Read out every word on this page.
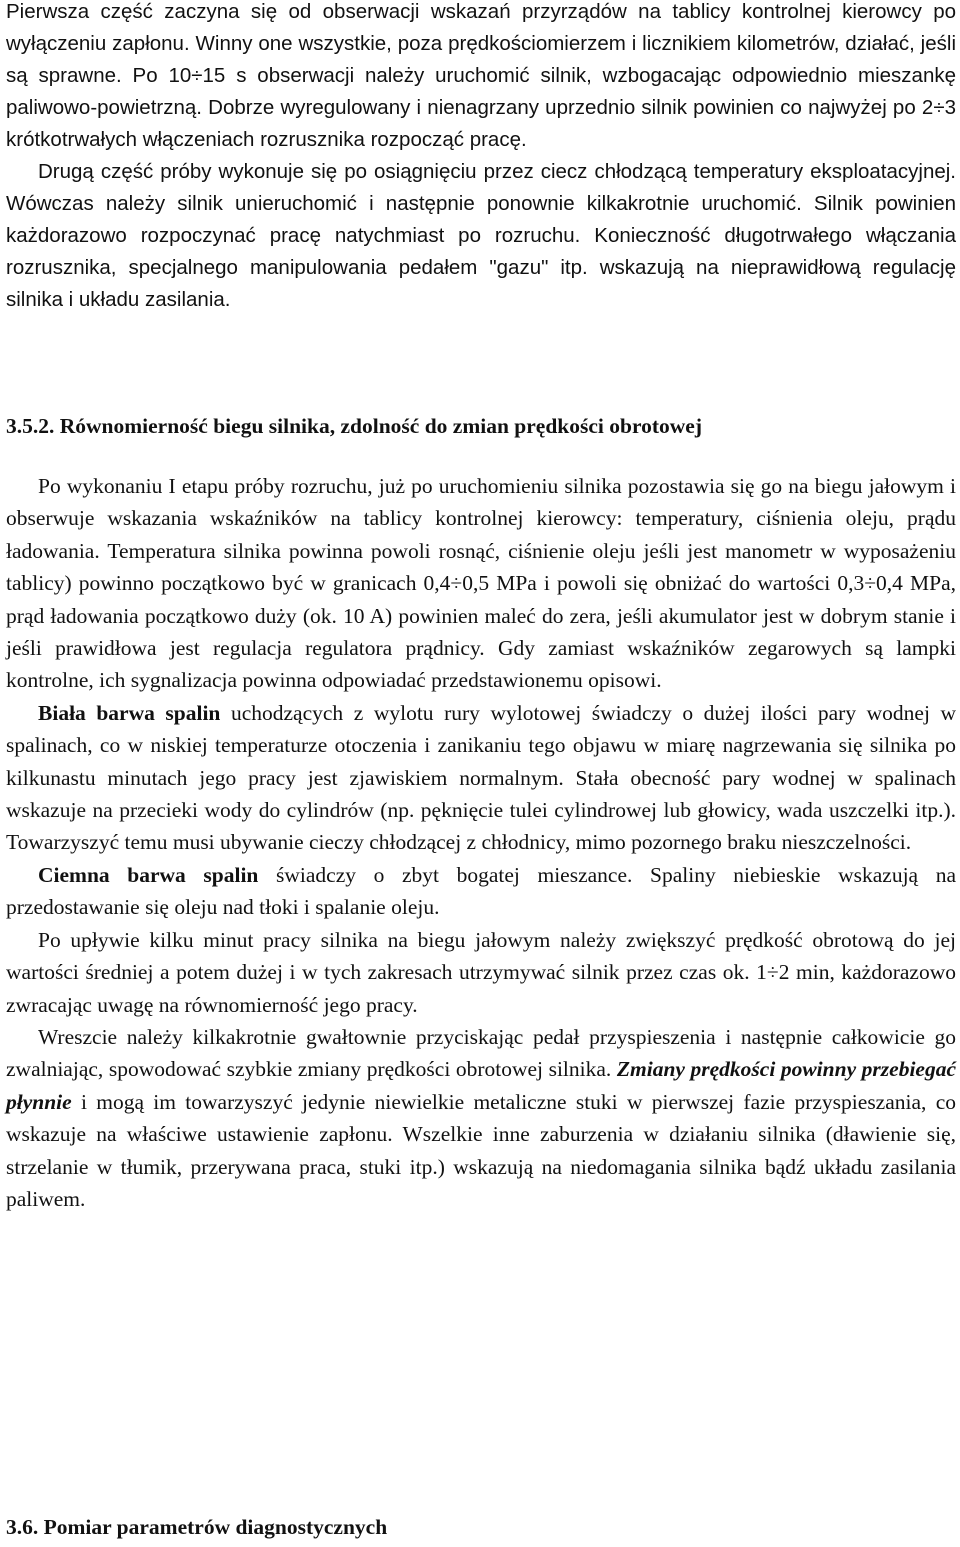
Pierwsza część zaczyna się od obserwacji wskazań przyrządów na tablicy kontrolnej kierowcy po wyłączeniu zapłonu. Winny one wszystkie, poza prędkościomierzem i licznikiem kilometrów, działać, jeśli są sprawne. Po 10÷15 s obserwacji należy uruchomić silnik, wzbogacając odpowiednio mieszankę paliwowo-powietrzną. Dobrze wyregulowany i nienagrzany uprzednio silnik powinien co najwyżej po 2÷3 krótkotrwałych włączeniach rozrusznika rozpocząć pracę.

Drugą część próby wykonuje się po osiągnięciu przez ciecz chłodzącą temperatury eksploatacyjnej. Wówczas należy silnik unieruchomić i następnie ponownie kilkakrotnie uruchomić. Silnik powinien każdorazowo rozpoczynać pracę natychmiast po rozruchu. Konieczność długotrwałego włączania rozrusznika, specjalnego manipulowania pedałem "gazu" itp. wskazują na nieprawidłową regulację silnika i układu zasilania.

3.5.2. Równomierność biegu silnika, zdolność do zmian prędkości obrotowej

Po wykonaniu I etapu próby rozruchu, już po uruchomieniu silnika pozostawia się go na biegu jałowym i obserwuje wskazania wskaźników na tablicy kontrolnej kierowcy: temperatury, ciśnienia oleju, prądu ładowania. Temperatura silnika powinna powoli rosnąć, ciśnienie oleju jeśli jest manometr w wyposażeniu tablicy) powinno początkowo być w granicach 0,4÷0,5 MPa i powoli się obniżać do wartości 0,3÷0,4 MPa, prąd ładowania początkowo duży (ok. 10 A) powinien maleć do zera, jeśli akumulator jest w dobrym stanie i jeśli prawidłowa jest regulacja regulatora prądnicy. Gdy zamiast wskaźników zegarowych są lampki kontrolne, ich sygnalizacja powinna odpowiadać przedstawionemu opisowi.

Biała barwa spalin uchodzących z wylotu rury wylotowej świadczy o dużej ilości pary wodnej w spalinach, co w niskiej temperaturze otoczenia i zanikaniu tego objawu w miarę nagrzewania się silnika po kilkunastu minutach jego pracy jest zjawiskiem normalnym. Stała obecność pary wodnej w spalinach wskazuje na przecieki wody do cylindrów (np. pęknięcie tulei cylindrowej lub głowicy, wada uszczelki itp.). Towarzyszyć temu musi ubywanie cieczy chłodzącej z chłodnicy, mimo pozornego braku nieszczelności.

Ciemna barwa spalin świadczy o zbyt bogatej mieszance. Spaliny niebieskie wskazują na przedostawanie się oleju nad tłoki i spalanie oleju.

Po upływie kilku minut pracy silnika na biegu jałowym należy zwiększyć prędkość obrotową do jej wartości średniej a potem dużej i w tych zakresach utrzymywać silnik przez czas ok. 1÷2 min, każdorazowo zwracając uwagę na równomierność jego pracy.

Wreszcie należy kilkakrotnie gwałtownie przyciskając pedał przyspieszenia i następnie całkowicie go zwalniając, spowodować szybkie zmiany prędkości obrotowej silnika. Zmiany prędkości powinny przebiegać płynnie i mogą im towarzyszyć jedynie niewielkie metaliczne stuki w pierwszej fazie przyspieszania, co wskazuje na właściwe ustawienie zapłonu. Wszelkie inne zaburzenia w działaniu silnika (dławienie się, strzelanie w tłumik, przerywana praca, stuki itp.) wskazują na niedomagania silnika bądź układu zasilania paliwem.

3.6. Pomiar parametrów diagnostycznych
